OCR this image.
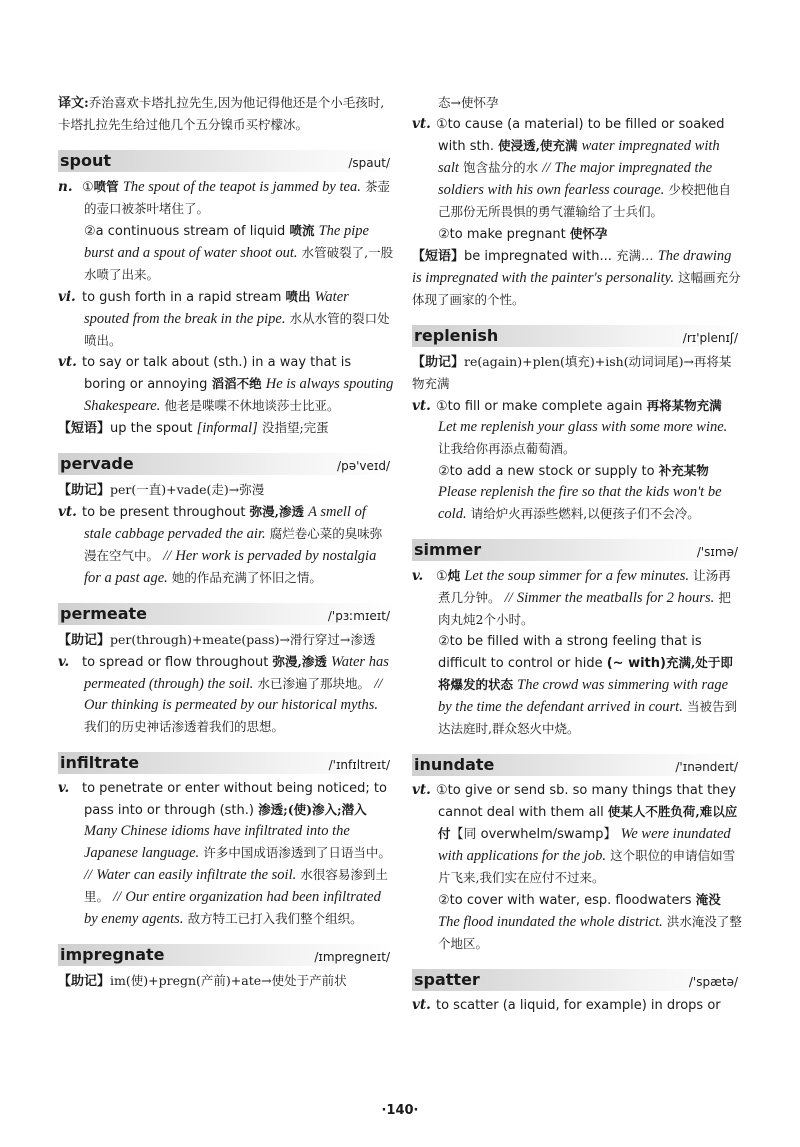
译文:乔治喜欢卡塔扎拉先生,因为他记得他还是个小毛孩时,卡塔扎拉先生给过他几个五分镍币买柠檬冰。

spout	/spaut/

n. ①喷管 The spout of the teapot is jammed by tea. 茶壶的壶口被茶叶堵住了。

②a continuous stream of liquid 喷流 The pipe burst and a spout of water shoot out. 水管破裂了,一股水喷了出来。

vi. to gush forth in a rapid stream 喷出 Water spouted from the break in the pipe. 水从水管的裂口处喷出。

vt. to say or talk about (sth.) in a way that is boring or annoying 滔滔不绝 He is always spouting Shakespeare. 他老是喋喋不休地谈莎士比亚。

【短语】up the spout [informal] 没指望;完蛋

pervade	/pə'veɪd/

【助记】per(一直)+vade(走)→弥漫

vt. to be present throughout 弥漫,渗透 A smell of stale cabbage pervaded the air. 腐烂卷心菜的臭味弥漫在空气中。 // Her work is pervaded by nostalgia for a past age. 她的作品充满了怀旧之情。

permeate	/'pɜːmɪeɪt/

【助记】per(through)+meate(pass)→滑行穿过→渗透

v. to spread or flow throughout 弥漫,渗透 Water has permeated (through) the soil. 水已渗遍了那块地。 // Our thinking is permeated by our historical myths. 我们的历史神话渗透着我们的思想。

infiltrate	/'ɪnfɪltreɪt/

v. to penetrate or enter without being noticed; to pass into or through (sth.) 渗透;(使)渗入;潜入 Many Chinese idioms have infiltrated into the Japanese language. 许多中国成语渗透到了日语当中。 // Water can easily infiltrate the soil. 水很容易渗到土里。 // Our entire organization had been infiltrated by enemy agents. 敌方特工已打入我们整个组织。

impregnate	/ɪmpregneɪt/

【助记】im(使)+pregn(产前)+ate→使处于产前状

态→使怀孕

vt. ①to cause (a material) to be filled or soaked with sth. 使浸透,使充满 water impregnated with salt 饱含盐分的水 // The major impregnated the soldiers with his own fearless courage. 少校把他自己那份无所畏惧的勇气灌输给了士兵们。

②to make pregnant 使怀孕

【短语】be impregnated with... 充满… The drawing is impregnated with the painter's personality. 这幅画充分体现了画家的个性。

replenish	/rɪ'plenɪʃ/

【助记】re(again)+plen(填充)+ish(动词词尾)→再将某物充满

vt. ①to fill or make complete again 再将某物充满 Let me replenish your glass with some more wine. 让我给你再添点葡萄酒。

②to add a new stock or supply to 补充某物 Please replenish the fire so that the kids won't be cold. 请给炉火再添些燃料,以便孩子们不会冷。

simmer	/'sɪmə/

v. ①炖 Let the soup simmer for a few minutes. 让汤再煮几分钟。 // Simmer the meatballs for 2 hours. 把肉丸炖2个小时。

②to be filled with a strong feeling that is difficult to control or hide (~ with)充满,处于即将爆发的状态 The crowd was simmering with rage by the time the defendant arrived in court. 当被告到达法庭时,群众怒火中烧。

inundate	/'ɪnəndeɪt/

vt. ①to give or send sb. so many things that they cannot deal with them all 使某人不胜负荷,难以应付【同 overwhelm/swamp】 We were inundated with applications for the job. 这个职位的申请信如雪片飞来,我们实在应付不过来。

②to cover with water, esp. floodwaters 淹没 The flood inundated the whole district. 洪水淹没了整个地区。

spatter	/'spætə/

vt. to scatter (a liquid, for example) in drops or

·140·
